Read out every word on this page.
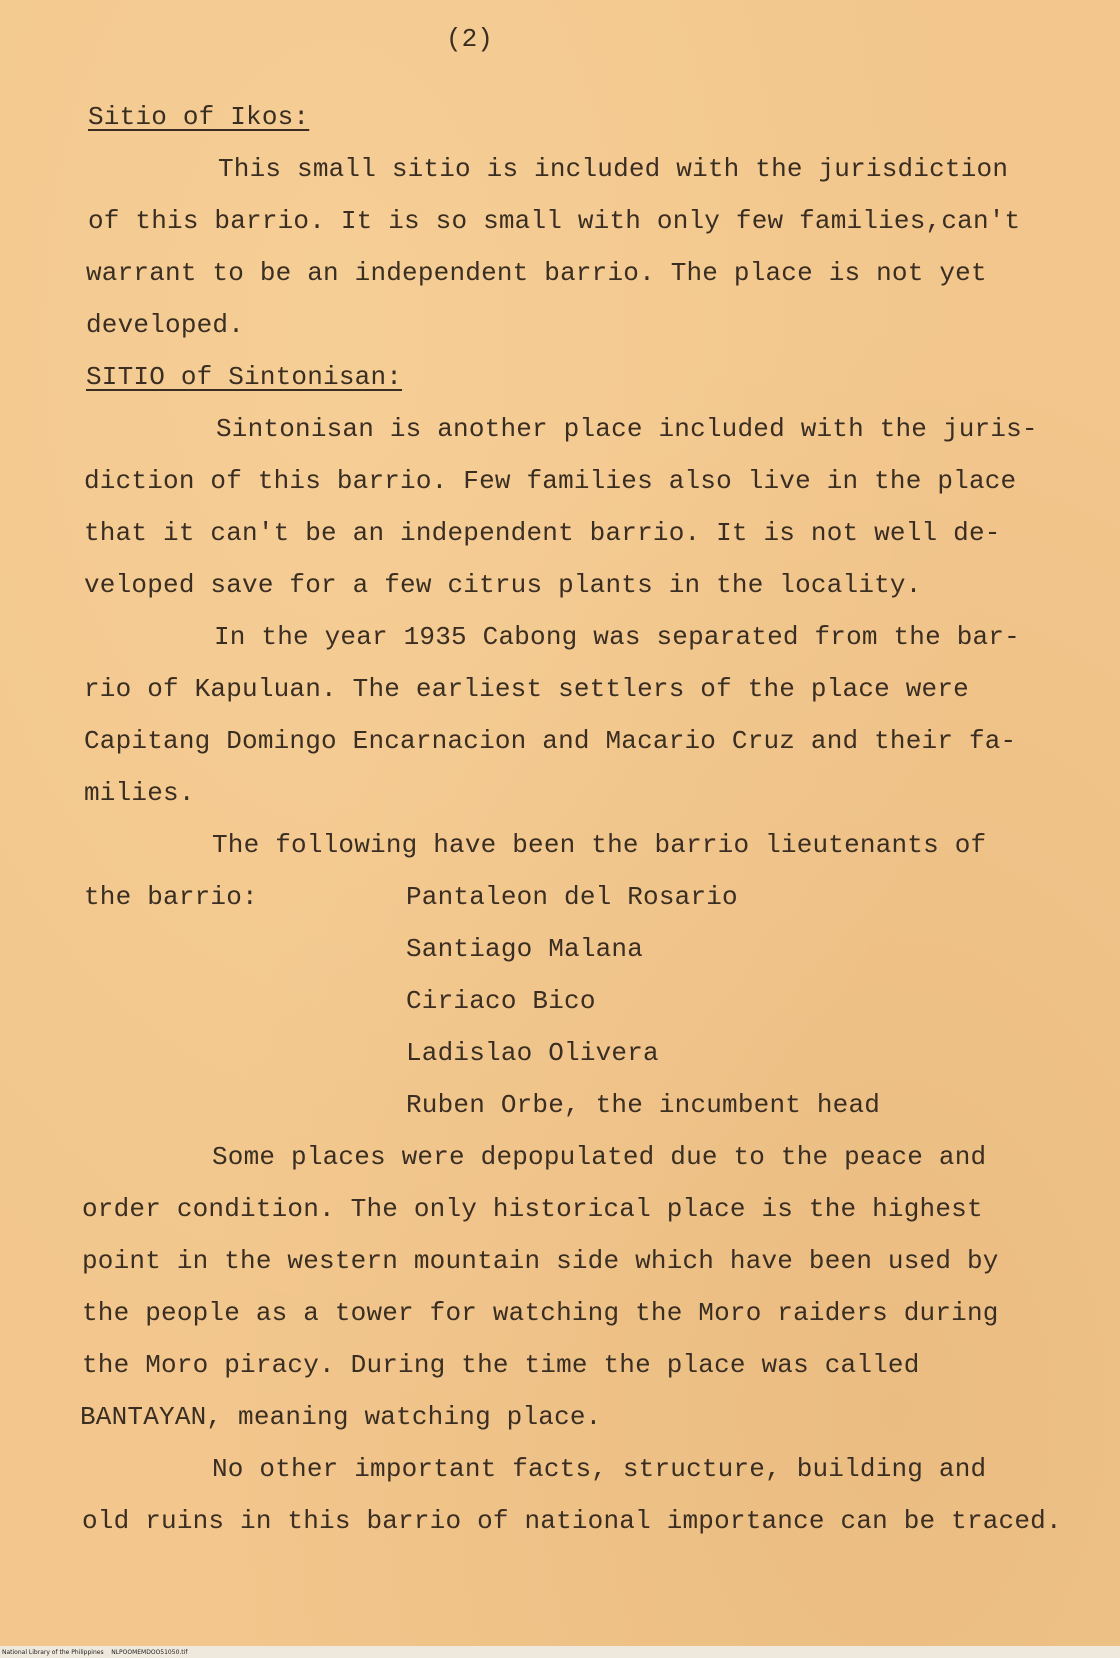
(2)
Sitio of Ikos:
This small sitio is included with the jurisdiction
of this barrio. It is so small with only few families,can't
warrant to be an independent barrio. The place is not yet
developed.
SITIO of Sintonisan:
Sintonisan is another place included with the juris-
diction of this barrio. Few families also live in the place
that it can't be an independent barrio. It is not well de-
veloped save for a few citrus plants in the locality.
In the year 1935 Cabong was separated from the bar-
rio of Kapuluan. The earliest settlers of the place were
Capitang Domingo Encarnacion and Macario Cruz and their fa-
milies.
The following have been the barrio lieutenants of
the barrio:	Pantaleon del Rosario
Santiago Malana
Ciriaco Bico
Ladislao Olivera
Ruben Orbe, the incumbent head
Some places were depopulated due to the peace and
order condition. The only historical place is the highest
point in the western mountain side which have been used by
the people as a tower for watching the Moro raiders during
the Moro piracy. During the time the place was called
BANTAYAN, meaning watching place.
No other important facts, structure, building and
old ruins in this barrio of national importance can be traced.
National Library of the Philippines    NLPOOMEMDOO51050.tif
